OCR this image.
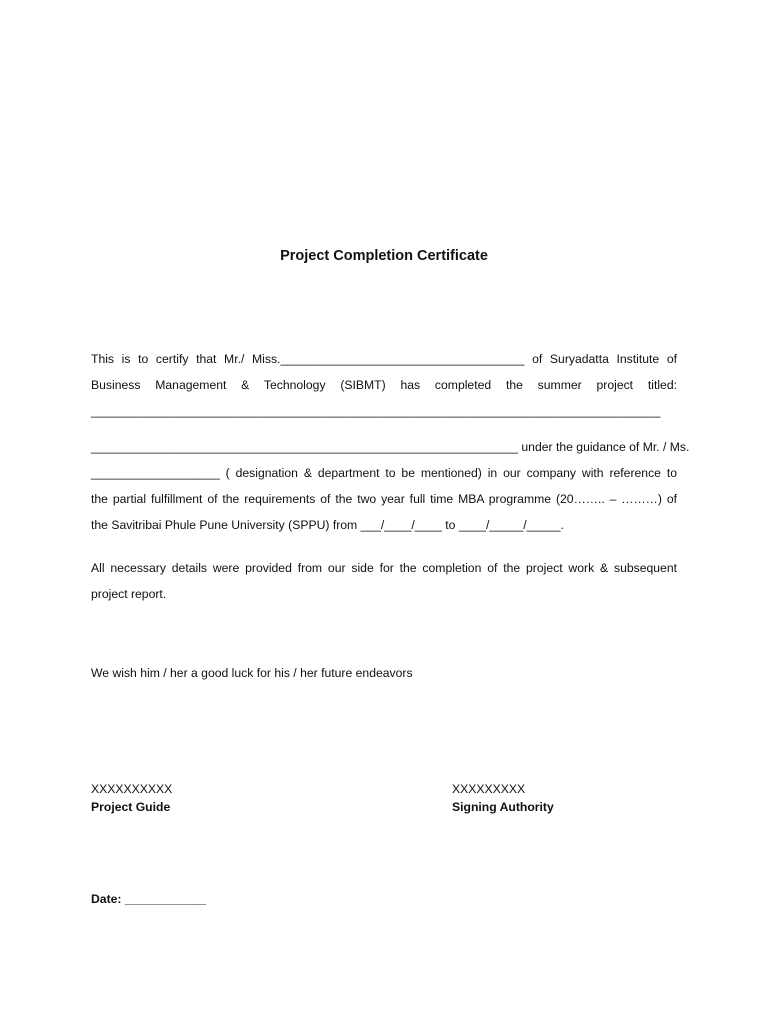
Project Completion Certificate
This is to certify that Mr./ Miss.____________________________________ of Suryadatta Institute of
Business Management & Technology (SIBMT) has completed the summer project titled:
____________________________________________________________________________________
_______________________________________________________________ under the guidance of Mr. / Ms.
___________________ ( designation & department to be mentioned) in our company with reference to
the partial fulfillment of the requirements of the two year full time MBA programme (20…….. – ………) of
the Savitribai Phule Pune University (SPPU) from ___/____/____ to ____/_____/_____.
All necessary details were provided from our side for the completion of the project work & subsequent
project report.
We wish him / her a good luck for his / her future endeavors
XXXXXXXXXX
Project Guide
XXXXXXXXX
Signing Authority
Date: ____________
